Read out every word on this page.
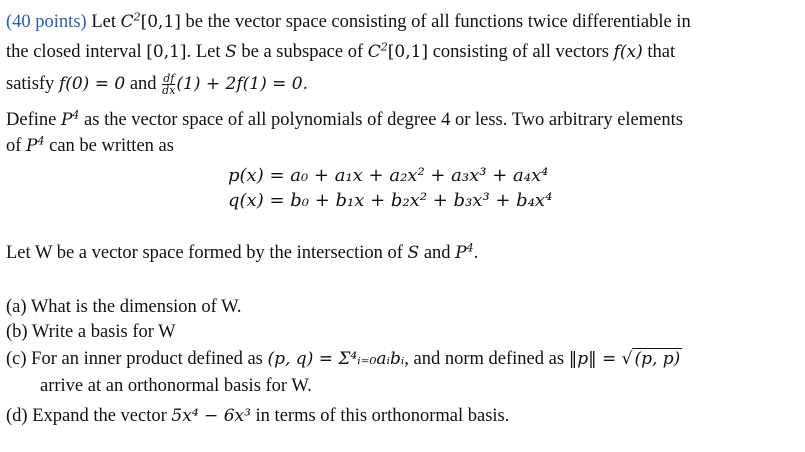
(40 points) Let $C^2[0,1]$ be the vector space consisting of all functions twice differentiable in
the closed interval [0,1]. Let S be a subspace of $C^2[0,1]$ consisting of all vectors f(x) that
satisfy f(0) = 0 and $\frac{df}{dx} (1) + 2f(1) = 0$.
Define $P^4$ as the vector space of all polynomials of degree 4 or less. Two arbitrary elements
of $P^4$ can be written as
p(x) = a₀ + a₁x + a₂x² + a₃x³ + a₄x⁴
q(x) = b₀ + b₁x + b₂x² + b₃x³ + b₄x⁴
Let W be a vector space formed by the intersection of S and $P^4$.
(a) What is the dimension of W.
(b) Write a basis for W
(c) For an inner product defined as (p, q) = Σ⁴ᵢ₌₀aᵢbᵢ, and norm defined as ‖p‖ = √ (p, p)
arrive at an orthonormal basis for W.
(d) Expand the vector 5x⁴ − 6x³ in terms of this orthonormal basis.
